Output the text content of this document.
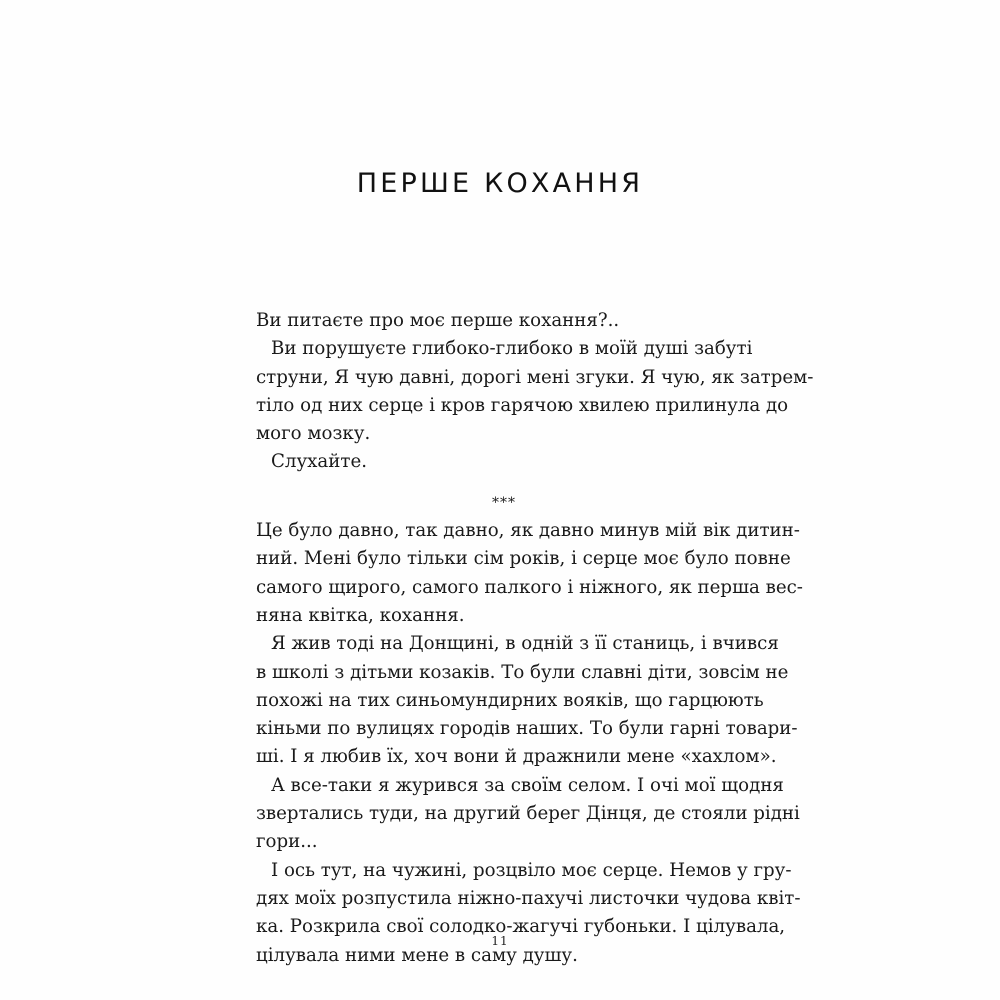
ПЕРШЕ КОХАННЯ
Ви питаєте про моє перше кохання?..
Ви порушуєте глибоко-глибоко в моїй душі забуті
струни, Я чую давні, дорогі мені згуки. Я чую, як затрем-
тіло од них серце і кров гарячою хвилею прилинула до
мого мозку.
Слухайте.
***
Це було давно, так давно, як давно минув мій вік дитин-
ний. Мені було тільки сім років, і серце моє було повне
самого щирого, самого палкого і ніжного, як перша вес-
няна квітка, кохання.
Я жив тоді на Донщині, в одній з її станиць, і вчився
в школі з дітьми козаків. То були славні діти, зовсім не
похожі на тих синьомундирних вояків, що гарцюють
кіньми по вулицях городів наших. То були гарні товари-
ші. І я любив їх, хоч вони й дражнили мене «хахлом».
А все-таки я журився за своїм селом. І очі мої щодня
звертались туди, на другий берег Дінця, де стояли рідні
гори...
І ось тут, на чужині, розцвіло моє серце. Немов у гру-
дях моїх розпустила ніжно-пахучі листочки чудова квіт-
ка. Розкрила свої солодко-жагучі губоньки. І цілувала,
цілувала ними мене в саму душу.
11
